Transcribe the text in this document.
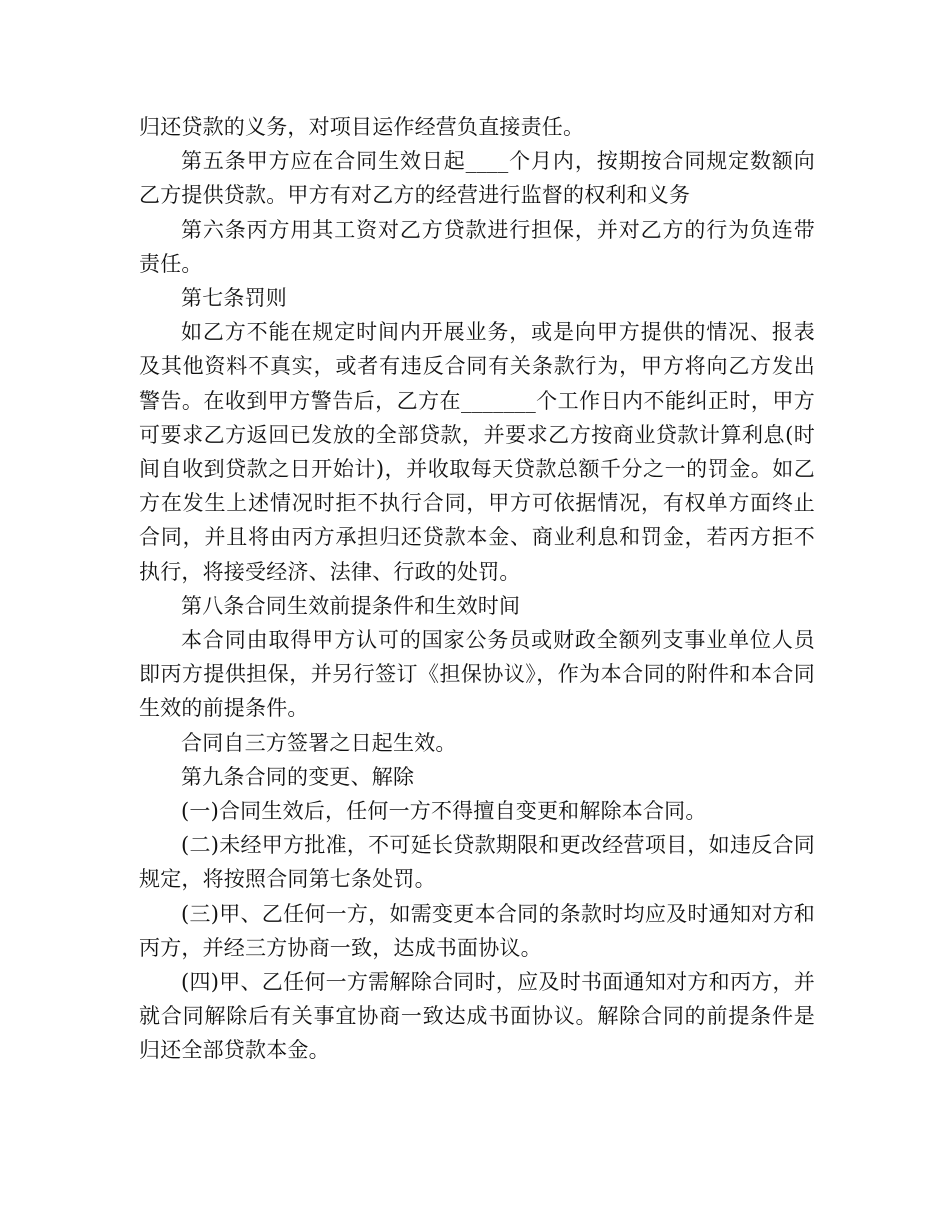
归还贷款的义务，对项目运作经营负直接责任。

第五条甲方应在合同生效日起____个月内，按期按合同规定数额向乙方提供贷款。甲方有对乙方的经营进行监督的权利和义务

第六条丙方用其工资对乙方贷款进行担保，并对乙方的行为负连带责任。

第七条罚则

如乙方不能在规定时间内开展业务，或是向甲方提供的情况、报表及其他资料不真实，或者有违反合同有关条款行为，甲方将向乙方发出警告。在收到甲方警告后，乙方在_______个工作日内不能纠正时，甲方可要求乙方返回已发放的全部贷款，并要求乙方按商业贷款计算利息(时间自收到贷款之日开始计)，并收取每天贷款总额千分之一的罚金。如乙方在发生上述情况时拒不执行合同，甲方可依据情况，有权单方面终止合同，并且将由丙方承担归还贷款本金、商业利息和罚金，若丙方拒不执行，将接受经济、法律、行政的处罚。

第八条合同生效前提条件和生效时间

本合同由取得甲方认可的国家公务员或财政全额列支事业单位人员即丙方提供担保，并另行签订《担保协议》，作为本合同的附件和本合同生效的前提条件。

合同自三方签署之日起生效。

第九条合同的变更、解除

(一)合同生效后，任何一方不得擅自变更和解除本合同。

(二)未经甲方批准，不可延长贷款期限和更改经营项目，如违反合同规定，将按照合同第七条处罚。

(三)甲、乙任何一方，如需变更本合同的条款时均应及时通知对方和丙方，并经三方协商一致，达成书面协议。

(四)甲、乙任何一方需解除合同时，应及时书面通知对方和丙方，并就合同解除后有关事宜协商一致达成书面协议。解除合同的前提条件是归还全部贷款本金。
